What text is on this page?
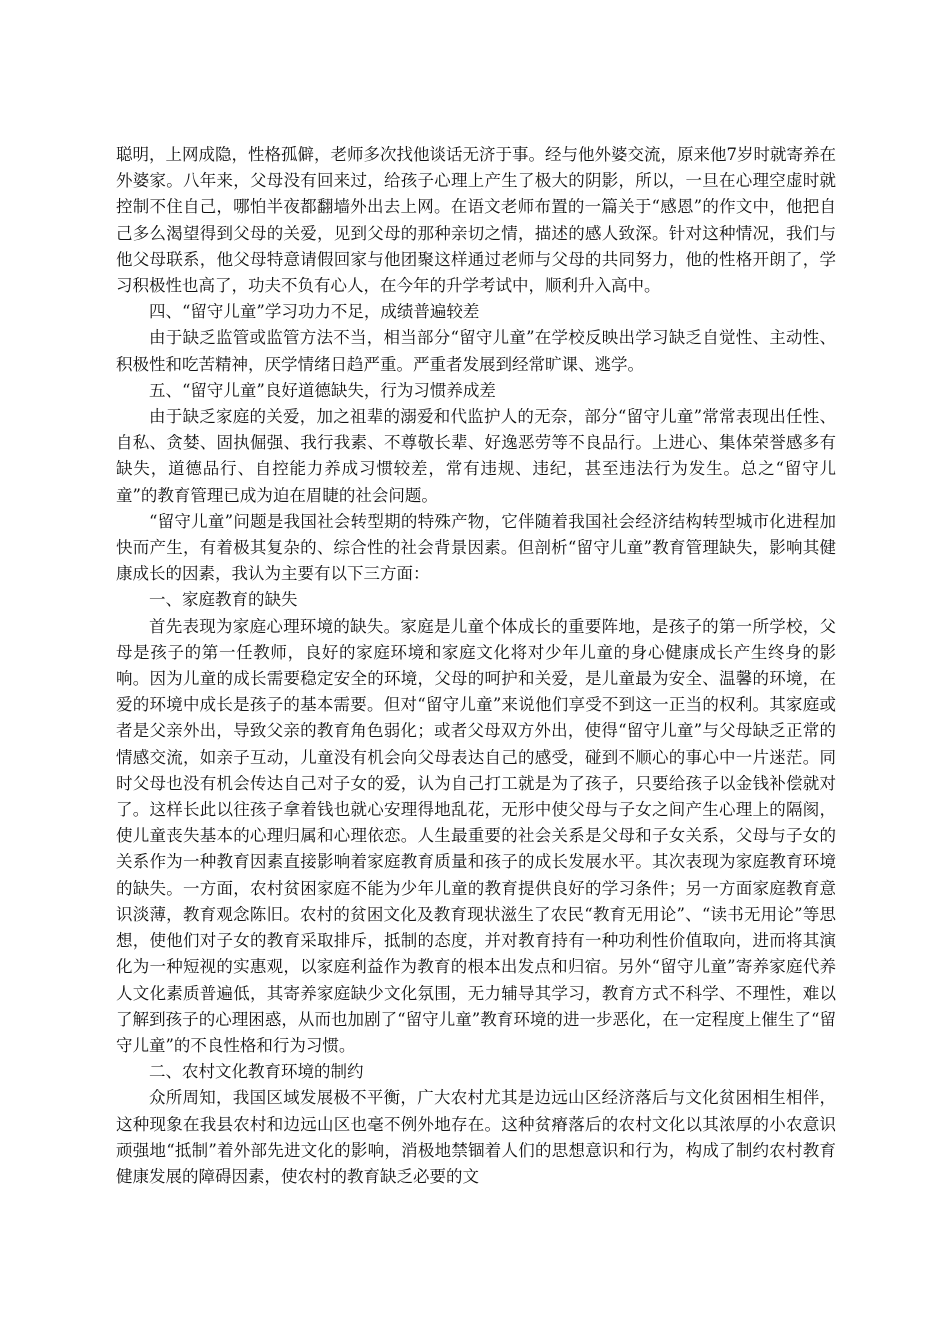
聪明，上网成隐，性格孤僻，老师多次找他谈话无济于事。经与他外婆交流，原来他7岁时就寄养在外婆家。八年来，父母没有回来过，给孩子心理上产生了极大的阴影，所以，一旦在心理空虚时就控制不住自己，哪怕半夜都翻墙外出去上网。在语文老师布置的一篇关于“感恩”的作文中，他把自己多么渴望得到父母的关爱，见到父母的那种亲切之情，描述的感人致深。针对这种情况，我们与他父母联系，他父母特意请假回家与他团聚这样通过老师与父母的共同努力，他的性格开朗了，学习积极性也高了，功夫不负有心人，在今年的升学考试中，顺利升入高中。

四、“留守儿童”学习功力不足，成绩普遍较差

由于缺乏监管或监管方法不当，相当部分“留守儿童”在学校反映出学习缺乏自觉性、主动性、积极性和吃苦精神，厌学情绪日趋严重。严重者发展到经常旷课、逃学。

五、“留守儿童”良好道德缺失，行为习惯养成差

由于缺乏家庭的关爱，加之祖辈的溺爱和代监护人的无奈，部分“留守儿童”常常表现出任性、自私、贪婪、固执倔强、我行我素、不尊敬长辈、好逸恶劳等不良品行。上进心、集体荣誉感多有缺失，道德品行、自控能力养成习惯较差，常有违规、违纪，甚至违法行为发生。总之“留守儿童”的教育管理已成为迫在眉睫的社会问题。

“留守儿童”问题是我国社会转型期的特殊产物，它伴随着我国社会经济结构转型城市化进程加快而产生，有着极其复杂的、综合性的社会背景因素。但剖析“留守儿童”教育管理缺失，影响其健康成长的因素，我认为主要有以下三方面：

一、家庭教育的缺失

首先表现为家庭心理环境的缺失。家庭是儿童个体成长的重要阵地，是孩子的第一所学校，父母是孩子的第一任教师，良好的家庭环境和家庭文化将对少年儿童的身心健康成长产生终身的影响。因为儿童的成长需要稳定安全的环境，父母的呵护和关爱，是儿童最为安全、温馨的环境，在爱的环境中成长是孩子的基本需要。但对“留守儿童”来说他们享受不到这一正当的权利。其家庭或者是父亲外出，导致父亲的教育角色弱化；或者父母双方外出，使得“留守儿童”与父母缺乏正常的情感交流，如亲子互动，儿童没有机会向父母表达自己的感受，碰到不顺心的事心中一片迷茫。同时父母也没有机会传达自己对子女的爱，认为自己打工就是为了孩子，只要给孩子以金钱补偿就对了。这样长此以往孩子拿着钱也就心安理得地乱花，无形中使父母与子女之间产生心理上的隔阂，使儿童丧失基本的心理归属和心理依恋。人生最重要的社会关系是父母和子女关系，父母与子女的关系作为一种教育因素直接影响着家庭教育质量和孩子的成长发展水平。其次表现为家庭教育环境的缺失。一方面，农村贫困家庭不能为少年儿童的教育提供良好的学习条件；另一方面家庭教育意识淡薄，教育观念陈旧。农村的贫困文化及教育现状滋生了农民“教育无用论”、“读书无用论”等思想，使他们对子女的教育采取排斥，抵制的态度，并对教育持有一种功利性价值取向，进而将其演化为一种短视的实惠观，以家庭利益作为教育的根本出发点和归宿。另外“留守儿童”寄养家庭代养人文化素质普遍低，其寄养家庭缺少文化氛围，无力辅导其学习，教育方式不科学、不理性，难以了解到孩子的心理困惑，从而也加剧了“留守儿童”教育环境的进一步恶化，在一定程度上催生了“留守儿童”的不良性格和行为习惯。

二、农村文化教育环境的制约

众所周知，我国区域发展极不平衡，广大农村尤其是边远山区经济落后与文化贫困相生相伴，这种现象在我县农村和边远山区也毫不例外地存在。这种贫瘠落后的农村文化以其浓厚的小农意识顽强地“抵制”着外部先进文化的影响，消极地禁锢着人们的思想意识和行为，构成了制约农村教育健康发展的障碍因素，使农村的教育缺乏必要的文
